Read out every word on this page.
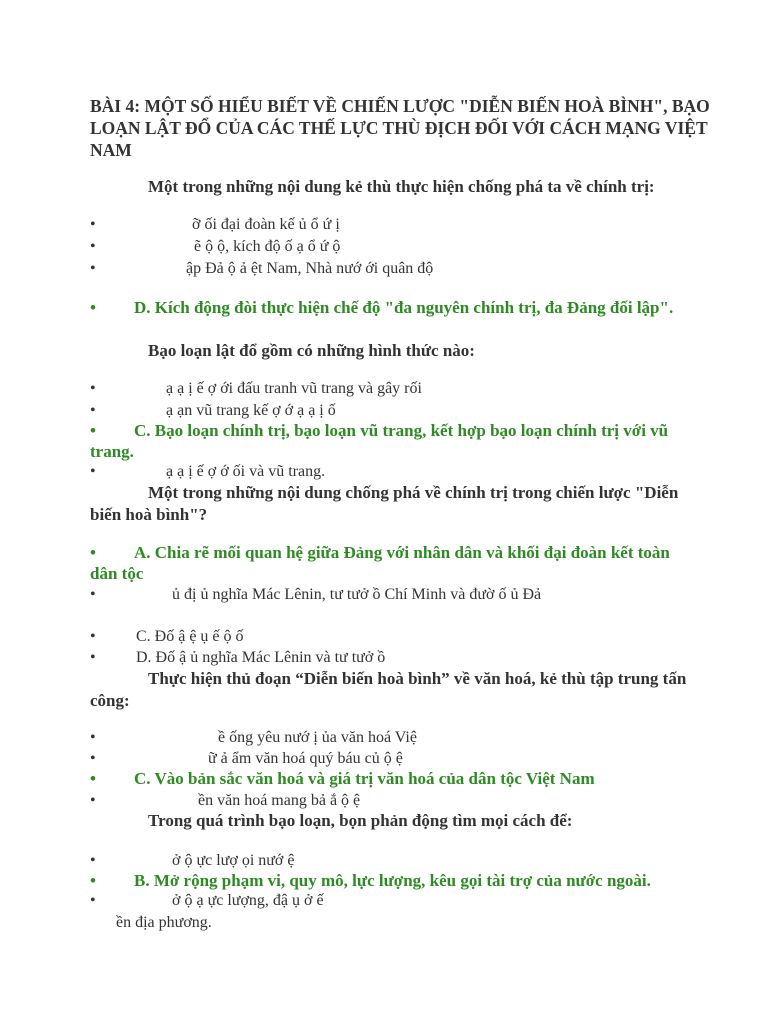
BÀI 4: MỘT SỐ HIỂU BIẾT VỀ CHIẾN LƯỢC "DIỄN BIẾN HOÀ BÌNH", BẠO LOẠN LẬT ĐỔ CỦA CÁC THẾ LỰC THÙ ĐỊCH ĐỐI VỚI CÁCH MẠNG VIỆT NAM
Một trong những nội dung kẻ thù thực hiện chống phá ta về chính trị:
•	ỡ ối đại đoàn kế ủ ổ ứ ị
•	ẽ ộ ộ, kích độ ố ạ ổ ứ ộ
•	ập Đả ộ ả ệt Nam, Nhà nướ ới quân độ
• D. Kích động đòi thực hiện chế độ "đa nguyên chính trị, đa Đảng đối lập".
Bạo loạn lật đổ gồm có những hình thức nào:
•	ạ ạ ị ế ợ ới đấu tranh vũ trang và gây rối
•	ạ ạn vũ trang kế ợ ớ ạ ạ ị ố
• C. Bạo loạn chính trị, bạo loạn vũ trang, kết hợp bạo loạn chính trị với vũ trang.
•	ạ ạ ị ế ợ ớ ối và vũ trang.
Một trong những nội dung chống phá về chính trị trong chiến lược "Diễn biến hoà bình"?
• A. Chia rẽ mối quan hệ giữa Đảng với nhân dân và khối đại đoàn kết toàn dân tộc
•	ủ đị ủ nghĩa Mác Lênin, tư tưở ồ Chí Minh và đườ ố ủ Đả
•	C. Đố ậ ệ ụ ế ộ ố
•	D. Đố ậ ủ nghĩa Mác Lênin và tư tưở ồ
Thực hiện thủ đoạn “Diễn biến hoà bình” về văn hoá, kẻ thù tập trung tấn công:
•	ề ống yêu nướ ị ủa văn hoá Việ
•	ữ ả ẩm văn hoá quý báu củ ộ ệ
• C. Vào bản sắc văn hoá và giá trị văn hoá của dân tộc Việt Nam
•	ền văn hoá mang bả ắ ộ ệ
Trong quá trình bạo loạn, bọn phản động tìm mọi cách để:
•	ở ộ ực lượ ọi nướ ệ
• B. Mở rộng phạm vi, quy mô, lực lượng, kêu gọi tài trợ của nước ngoài.
•	ở ộ ạ ực lượng, đậ ụ ở ế
ền địa phương.
